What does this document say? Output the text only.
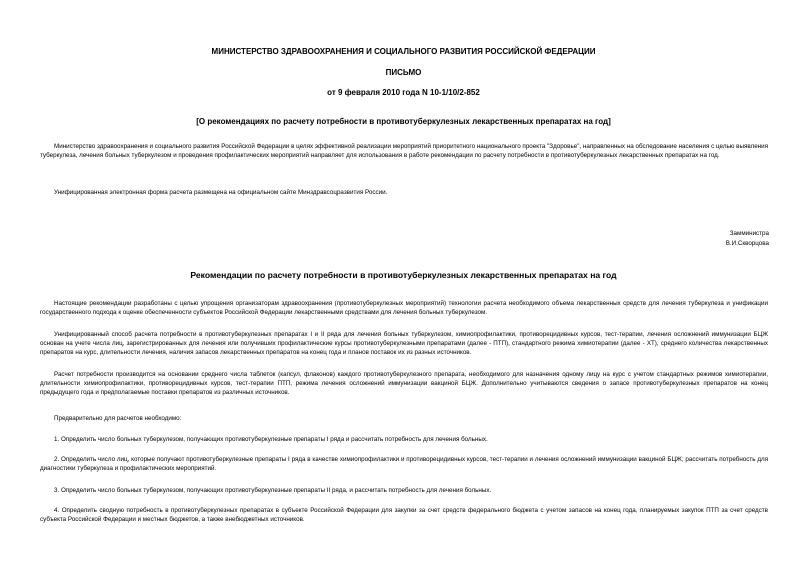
МИНИСТЕРСТВО ЗДРАВООХРАНЕНИЯ И СОЦИАЛЬНОГО РАЗВИТИЯ РОССИЙСКОЙ ФЕДЕРАЦИИ
ПИСЬМО
от 9 февраля 2010 года N 10-1/10/2-852
[О рекомендациях по расчету потребности в противотуберкулезных лекарственных препаратах на год]
Министерство здравоохранения и социального развития Российской Федерации в целях эффективной реализации мероприятий приоритетного национального проекта "Здоровье", направленных на обследование населения с целью выявления туберкулеза, лечения больных туберкулезом и проведения профилактических мероприятий направляет для использования в работе рекомендации по расчету потребности в противотуберкулезных лекарственных препаратах на год.
Унифицированная электронная форма расчета размещена на официальном сайте Минздравсоцразвития России.
Замминистра
В.И.Скворцова
Рекомендации по расчету потребности в противотуберкулезных лекарственных препаратах на год
Настоящие рекомендации разработаны с целью упрощения организаторам здравоохранения (противотуберкулезных мероприятий) технологии расчета необходимого объема лекарственных средств для лечения туберкулеза и унификации государственного подхода к оценке обеспеченности субъектов Российской Федерации лекарственными средствами для лечения больных туберкулезом.
Унифицированный способ расчета потребности в противотуберкулезных препаратах I и II ряда для лечения больных туберкулезом, химиопрофилактики, противорецидивных курсов, тест-терапии, лечения осложнений иммунизации БЦЖ основан на учете числа лиц, зарегистрированных для лечения или получивших профилактические курсы противотуберкулезными препаратами (далее - ПТП), стандартного режима химиотерапии (далее - ХТ), среднего количества лекарственных препаратов на курс, длительности лечения, наличия запасов лекарственных препаратов на конец года и планов поставок их из разных источников.
Расчет потребности производится на основании среднего числа таблеток (капсул, флаконов) каждого противотуберкулезного препарата, необходимого для назначения одному лицу на курс с учетом стандартных режимов химиотерапии, длительности химиопрофилактики, противорецидивных курсов, тест-терапии ПТП, режима лечения осложнений иммунизации вакциной БЦЖ. Дополнительно учитываются сведения о запасе противотуберкулезных препаратов на конец предыдущего года и предполагаемые поставки препаратов из различных источников.
Предварительно для расчетов необходимо:
1. Определить число больных туберкулезом, получающих противотуберкулезные препараты I ряда и рассчитать потребность для лечения больных.
2. Определить число лиц, которые получают противотуберкулезные препараты I ряда в качестве химиопрофилактики и противорецидивных курсов, тест-терапии и лечения осложнений иммунизации вакциной БЦЖ; рассчитать потребность для диагностики туберкулеза и профилактических мероприятий.
3. Определить число больных туберкулезом, получающих противотуберкулезные препараты II ряда, и рассчитать потребность для лечения больных.
4. Определить сводную потребность в противотуберкулезных препаратах в субъекте Российской Федерации для закупки за счет средств федерального бюджета с учетом запасов на конец года, планируемых закупок ПТП за счет средств субъекта Российской Федерации и местных бюджетов, а также внебюджетных источников.
